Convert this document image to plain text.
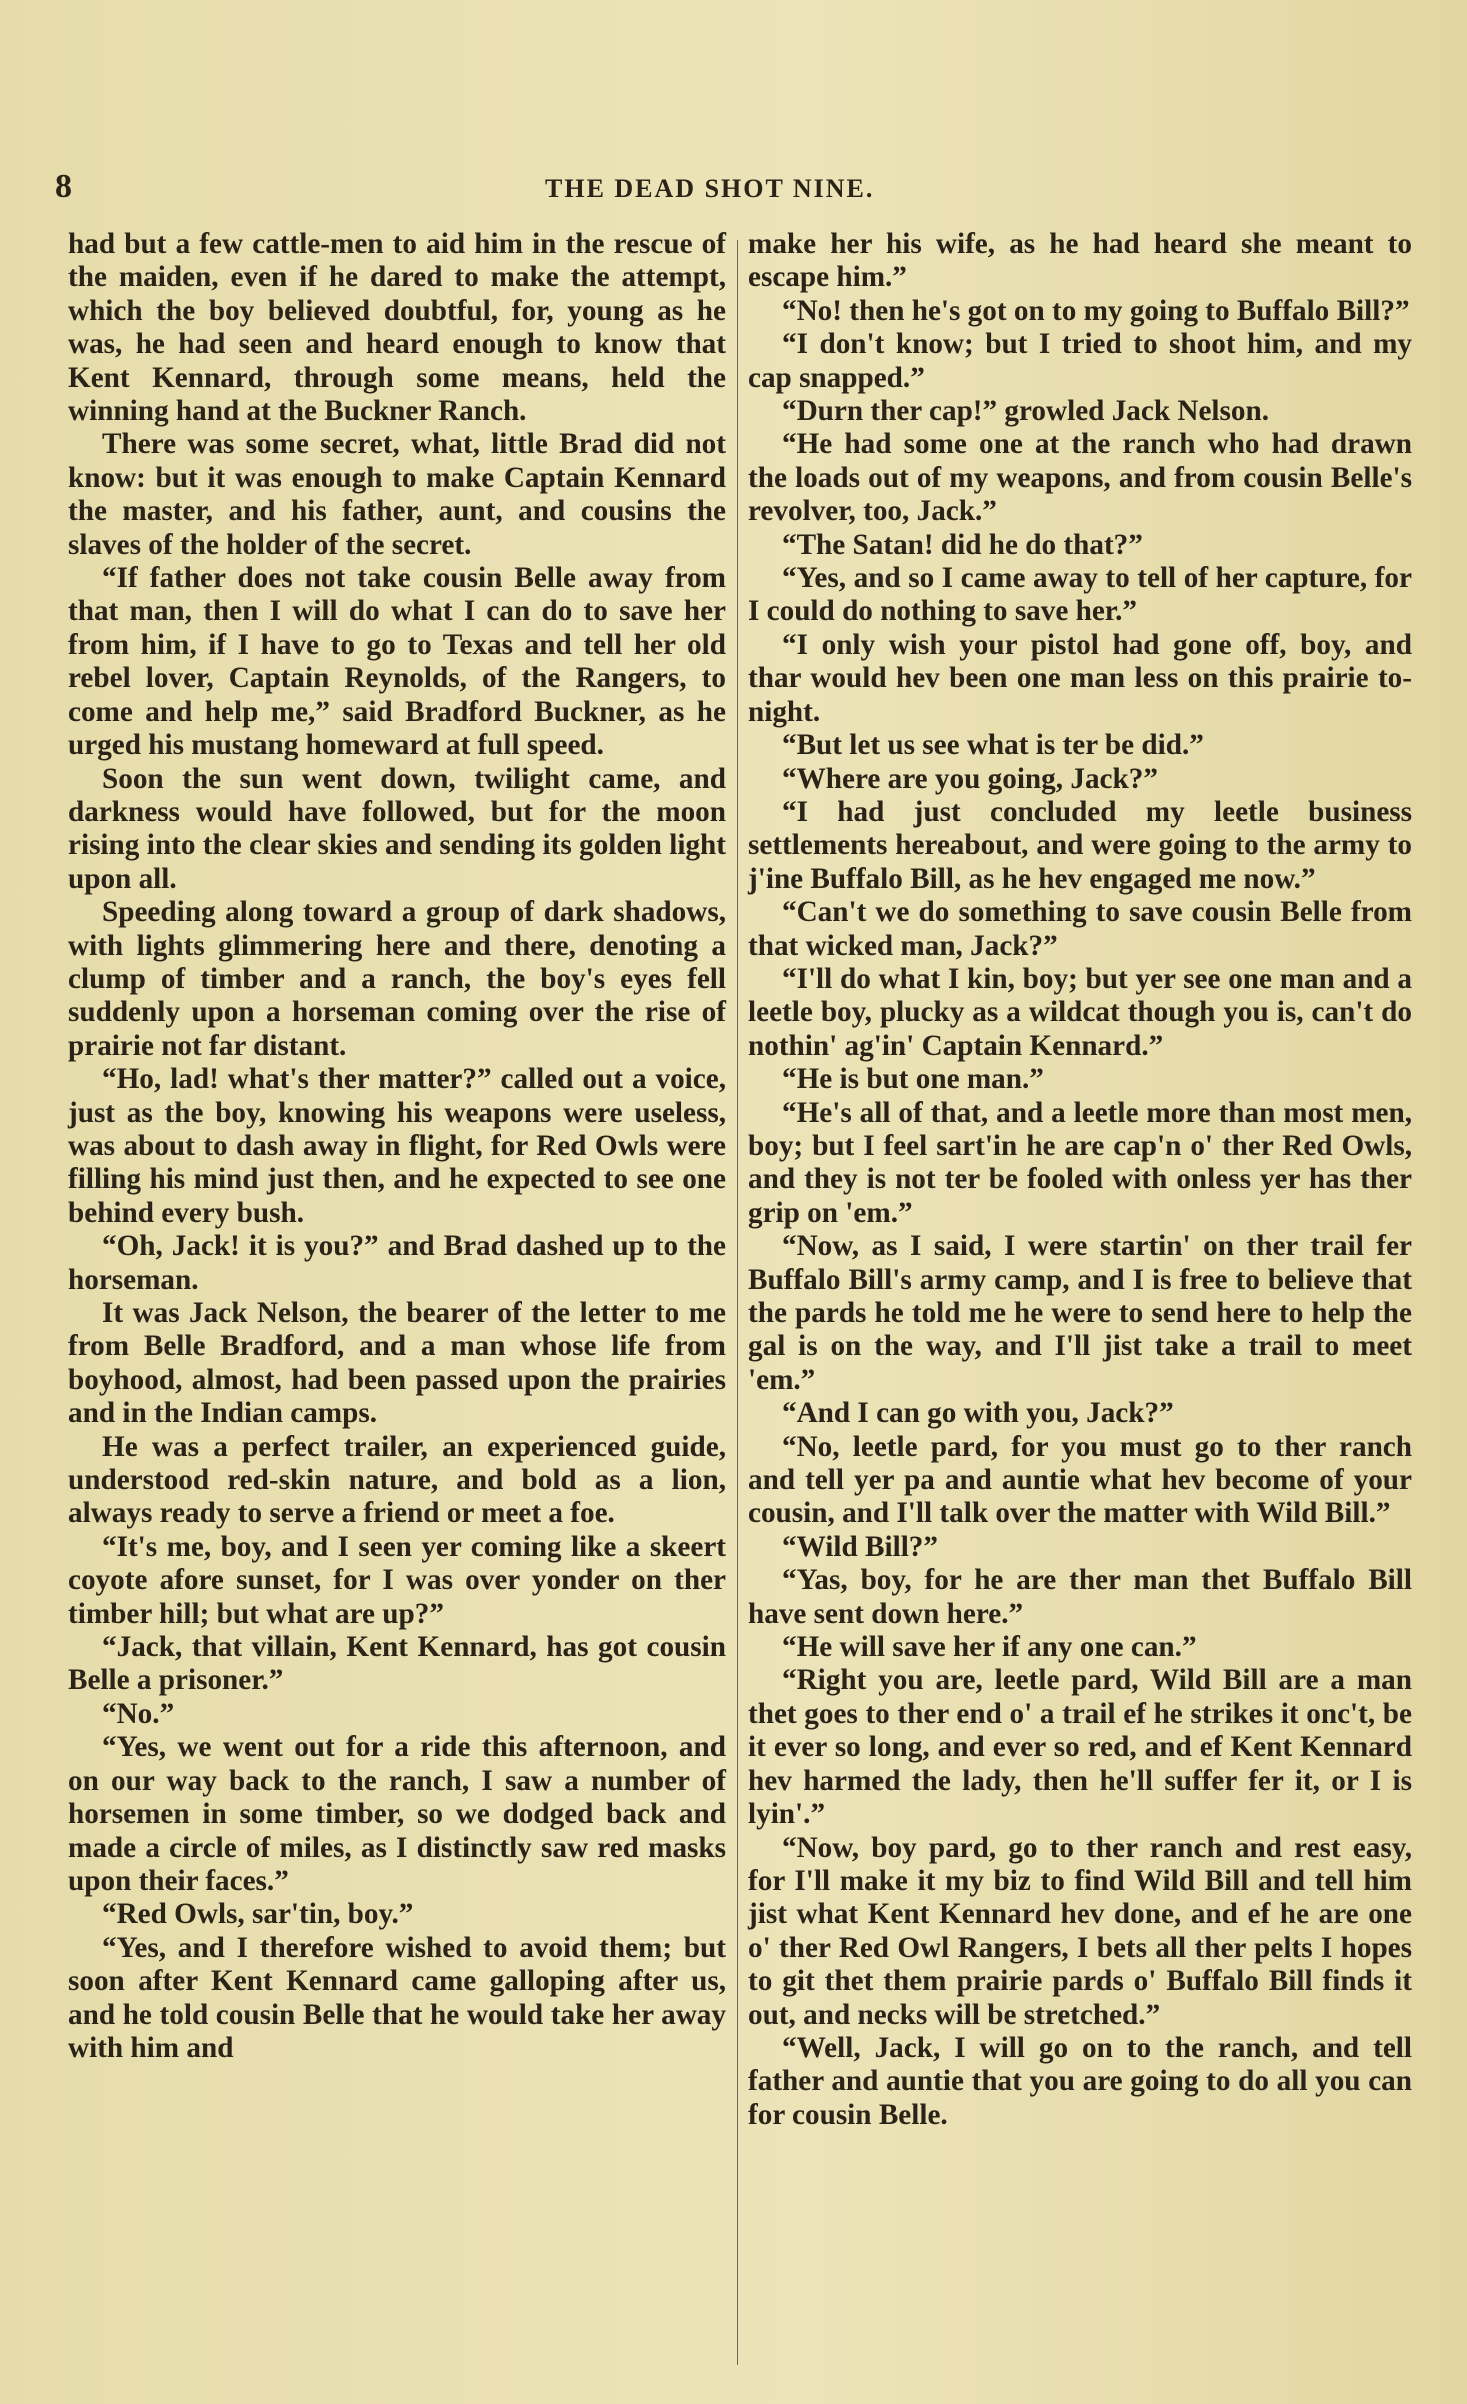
8	THE DEAD SHOT NINE.

had but a few cattle-men to aid him in the rescue of the maiden, even if he dared to make the attempt, which the boy believed doubtful, for, young as he was, he had seen and heard enough to know that Kent Kennard, through some means, held the winning hand at the Buckner Ranch.

There was some secret, what, little Brad did not know: but it was enough to make Captain Kennard the master, and his father, aunt, and cousins the slaves of the holder of the secret.

“If father does not take cousin Belle away from that man, then I will do what I can do to save her from him, if I have to go to Texas and tell her old rebel lover, Captain Reynolds, of the Rangers, to come and help me,” said Bradford Buckner, as he urged his mustang homeward at full speed.

Soon the sun went down, twilight came, and darkness would have followed, but for the moon rising into the clear skies and sending its golden light upon all.

Speeding along toward a group of dark shadows, with lights glimmering here and there, denoting a clump of timber and a ranch, the boy's eyes fell suddenly upon a horseman coming over the rise of prairie not far distant.

“Ho, lad! what's ther matter?” called out a voice, just as the boy, knowing his weapons were useless, was about to dash away in flight, for Red Owls were filling his mind just then, and he expected to see one behind every bush.

“Oh, Jack! it is you?” and Brad dashed up to the horseman.

It was Jack Nelson, the bearer of the letter to me from Belle Bradford, and a man whose life from boyhood, almost, had been passed upon the prairies and in the Indian camps.

He was a perfect trailer, an experienced guide, understood red-skin nature, and bold as a lion, always ready to serve a friend or meet a foe.

“It's me, boy, and I seen yer coming like a skeert coyote afore sunset, for I was over yonder on ther timber hill; but what are up?”

“Jack, that villain, Kent Kennard, has got cousin Belle a prisoner.”

“No.”

“Yes, we went out for a ride this afternoon, and on our way back to the ranch, I saw a number of horsemen in some timber, so we dodged back and made a circle of miles, as I distinctly saw red masks upon their faces.”

“Red Owls, sar'tin, boy.”

“Yes, and I therefore wished to avoid them; but soon after Kent Kennard came galloping after us, and he told cousin Belle that he would take her away with him and

make her his wife, as he had heard she meant to escape him.”

“No! then he's got on to my going to Buffalo Bill?”

“I don't know; but I tried to shoot him, and my cap snapped.”

“Durn ther cap!” growled Jack Nelson.

“He had some one at the ranch who had drawn the loads out of my weapons, and from cousin Belle's revolver, too, Jack.”

“The Satan! did he do that?”

“Yes, and so I came away to tell of her capture, for I could do nothing to save her.”

“I only wish your pistol had gone off, boy, and thar would hev been one man less on this prairie to-night.

“But let us see what is ter be did.”

“Where are you going, Jack?”

“I had just concluded my leetle business settlements hereabout, and were going to the army to j'ine Buffalo Bill, as he hev engaged me now.”

“Can't we do something to save cousin Belle from that wicked man, Jack?”

“I'll do what I kin, boy; but yer see one man and a leetle boy, plucky as a wildcat though you is, can't do nothin' ag'in' Captain Kennard.”

“He is but one man.”

“He's all of that, and a leetle more than most men, boy; but I feel sart'in he are cap'n o' ther Red Owls, and they is not ter be fooled with onless yer has ther grip on 'em.”

“Now, as I said, I were startin' on ther trail fer Buffalo Bill's army camp, and I is free to believe that the pards he told me he were to send here to help the gal is on the way, and I'll jist take a trail to meet 'em.”

“And I can go with you, Jack?”

“No, leetle pard, for you must go to ther ranch and tell yer pa and auntie what hev become of your cousin, and I'll talk over the matter with Wild Bill.”

“Wild Bill?”

“Yas, boy, for he are ther man thet Buffalo Bill have sent down here.”

“He will save her if any one can.”

“Right you are, leetle pard, Wild Bill are a man thet goes to ther end o' a trail ef he strikes it onc't, be it ever so long, and ever so red, and ef Kent Kennard hev harmed the lady, then he'll suffer fer it, or I is lyin'.”

“Now, boy pard, go to ther ranch and rest easy, for I'll make it my biz to find Wild Bill and tell him jist what Kent Kennard hev done, and ef he are one o' ther Red Owl Rangers, I bets all ther pelts I hopes to git thet them prairie pards o' Buffalo Bill finds it out, and necks will be stretched.”

“Well, Jack, I will go on to the ranch, and tell father and auntie that you are going to do all you can for cousin Belle.
